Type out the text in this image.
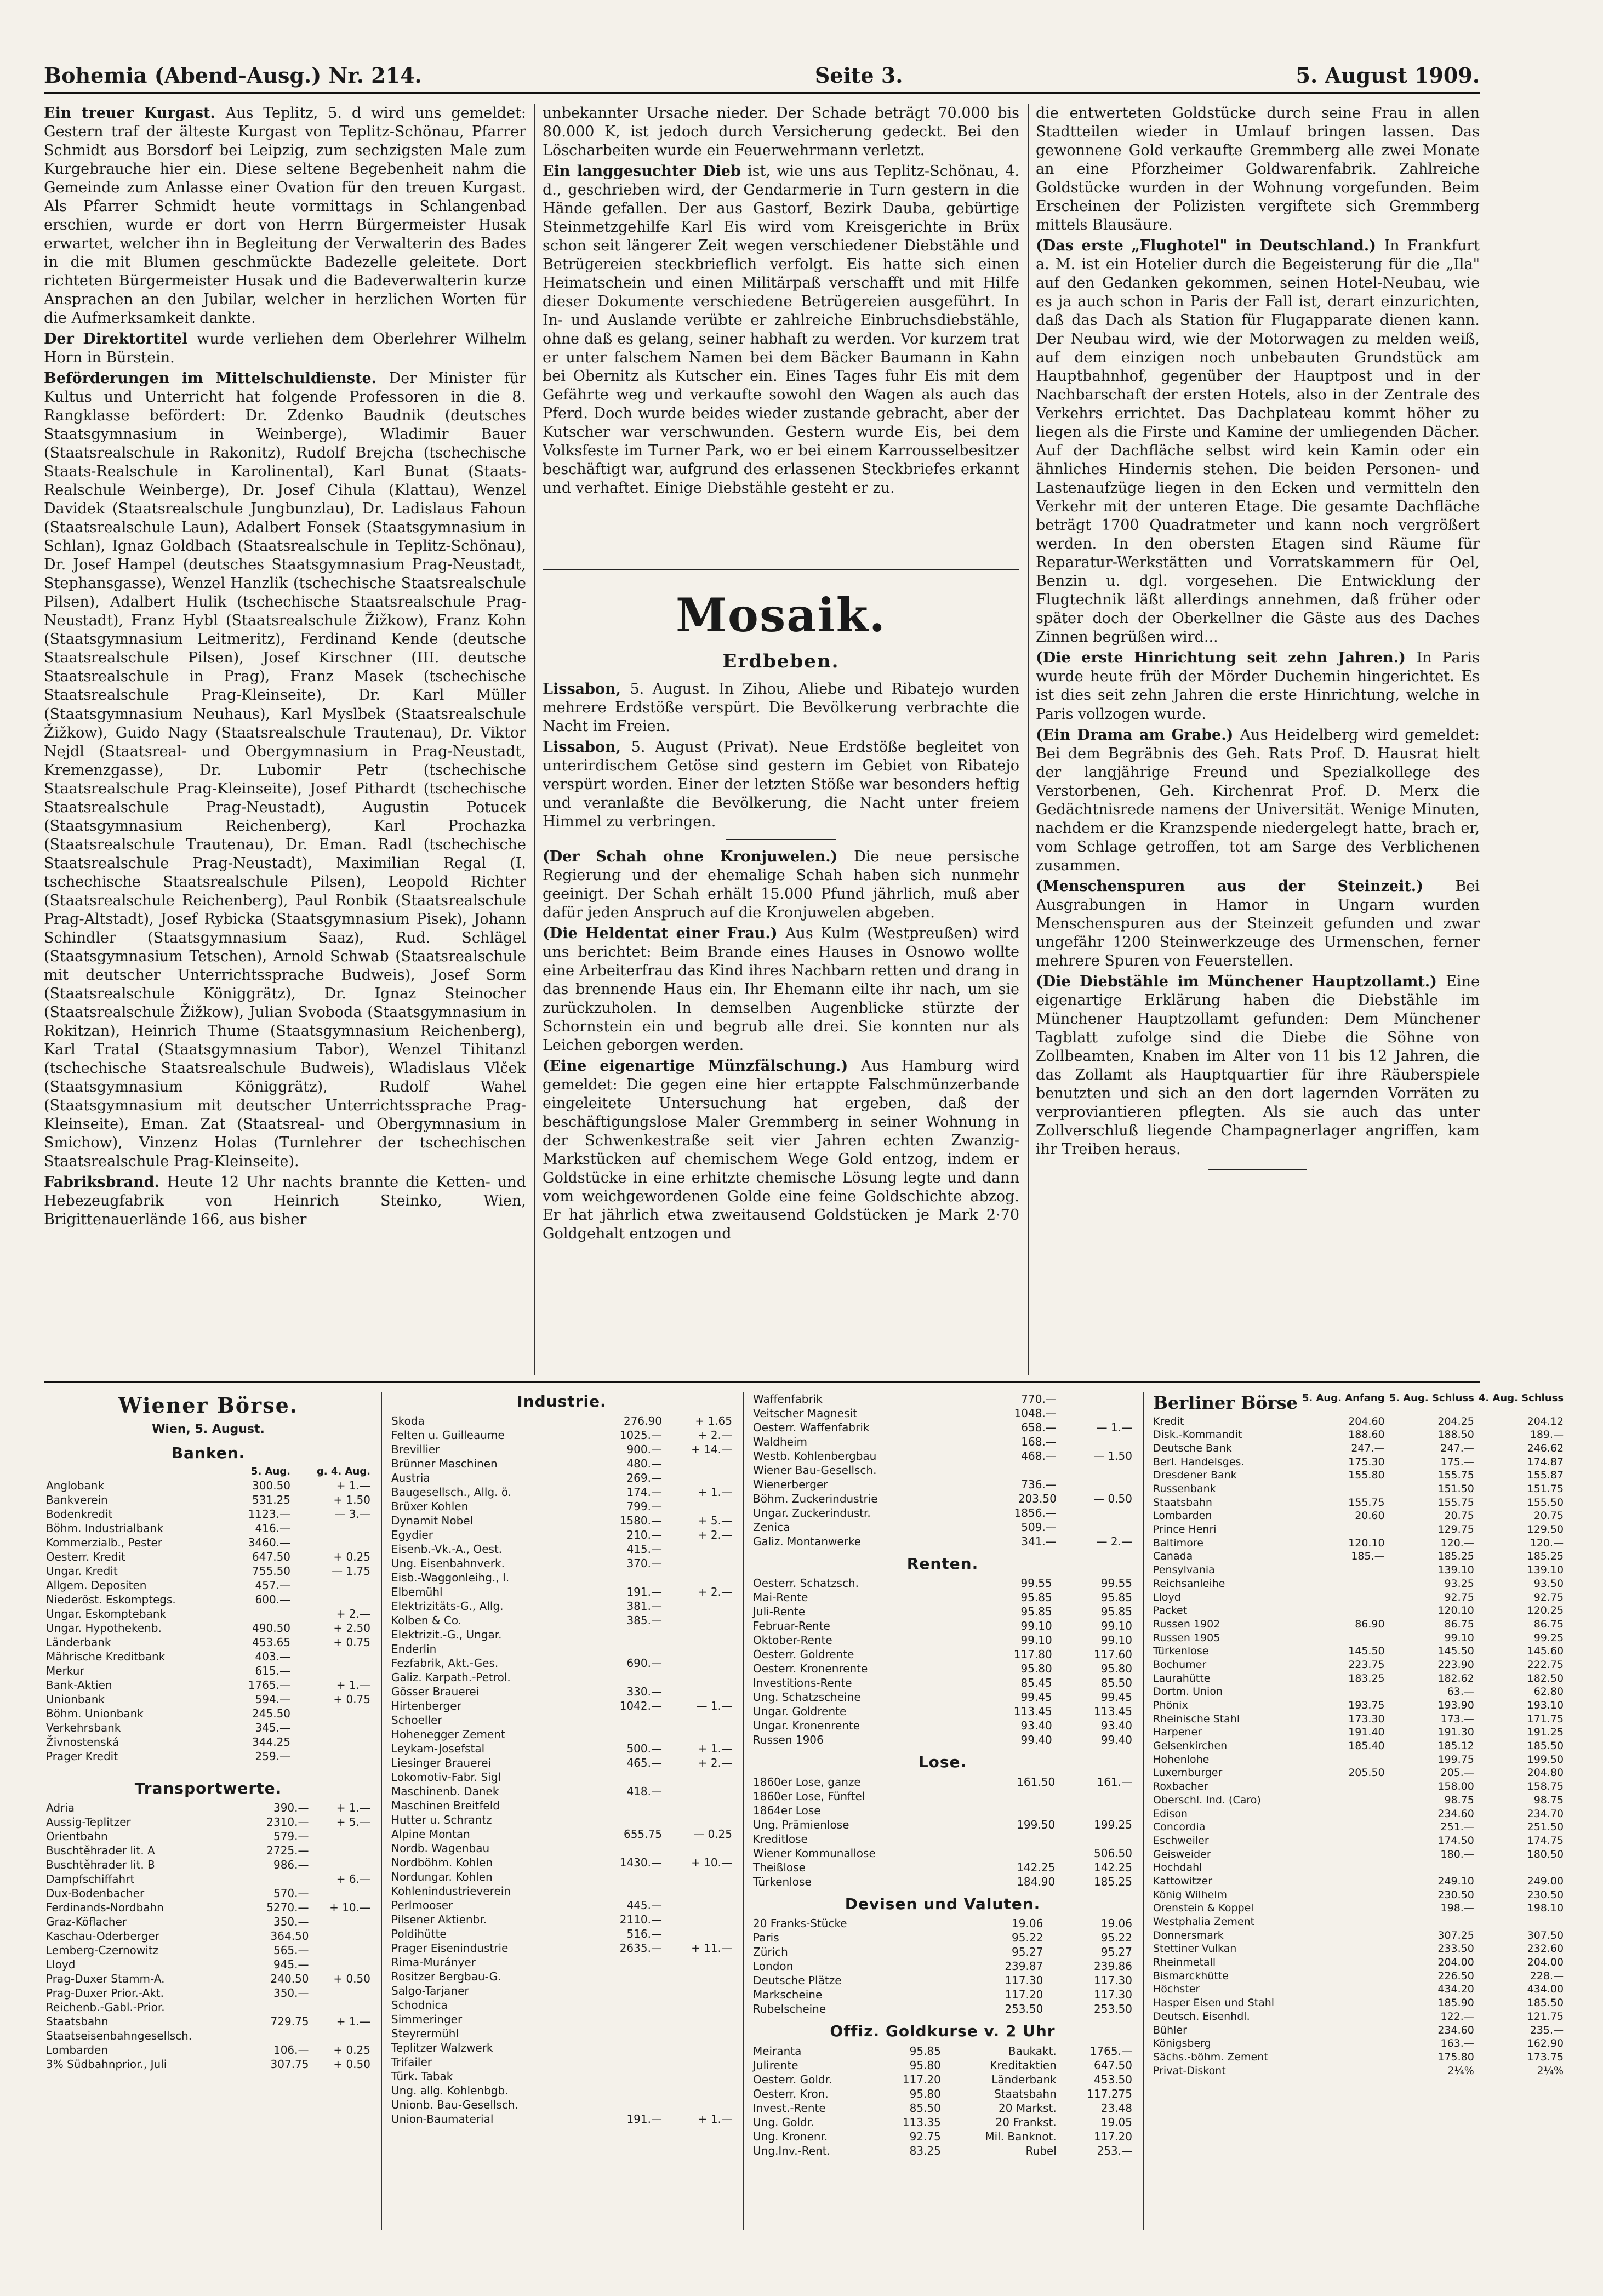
Bohemia (Abend-Ausg.) Nr. 214.	Seite 3.	5. August 1909.

Ein treuer Kurgast. Aus Teplitz, 5. d wird uns gemeldet: Gestern traf der älteste Kurgast von Teplitz-Schönau, Pfarrer Schmidt aus Borsdorf bei Leipzig, zum sechzigsten Male zum Kurgebrauche hier ein. Diese seltene Begebenheit nahm die Gemeinde zum Anlasse einer Ovation für den treuen Kurgast. Als Pfarrer Schmidt heute vormittags in Schlangenbad erschien, wurde er dort von Herrn Bürgermeister Husak erwartet, welcher ihn in Begleitung der Verwalterin des Bades in die mit Blumen geschmückte Badezelle geleitete. Dort richteten Bürgermeister Husak und die Badeverwalterin kurze Ansprachen an den Jubilar, welcher in herzlichen Worten für die Aufmerksamkeit dankte.

Der Direktortitel wurde verliehen dem Oberlehrer Wilhelm Horn in Bürstein.

Beförderungen im Mittelschuldienste. Der Minister für Kultus und Unterricht hat folgende Professoren in die 8. Rangklasse befördert: Dr. Zdenko Baudnik (deutsches Staatsgymnasium in Weinberge), Wladimir Bauer (Staatsrealschule in Rakonitz), Rudolf Brejcha (tschechische Staats-Realschule in Karolinental), Karl Bunat (Staats-Realschule Weinberge), Dr. Josef Cihula (Klattau), Wenzel Davidek (Staatsrealschule Jungbunzlau), Dr. Ladislaus Fahoun (Staatsrealschule Laun), Adalbert Fonsek (Staatsgymnasium in Schlan), Ignaz Goldbach (Staatsrealschule in Teplitz-Schönau), Dr. Josef Hampel (deutsches Staatsgymnasium Prag-Neustadt, Stephansgasse), Wenzel Hanzlik (tschechische Staatsrealschule Pilsen), Adalbert Hulik (tschechische Staatsrealschule Prag-Neustadt), Franz Hybl (Staatsrealschule Žižkow), Franz Kohn (Staatsgymnasium Leitmeritz), Ferdinand Kende (deutsche Staatsrealschule Pilsen), Josef Kirschner (III. deutsche Staatsrealschule in Prag), Franz Masek (tschechische Staatsrealschule Prag-Kleinseite), Dr. Karl Müller (Staatsgymnasium Neuhaus), Karl Myslbek (Staatsrealschule Žižkow), Guido Nagy (Staatsrealschule Trautenau), Dr. Viktor Nejdl (Staatsreal- und Obergymnasium in Prag-Neustadt, Kremenzgasse), Dr. Lubomir Petr (tschechische Staatsrealschule Prag-Kleinseite), Josef Pithardt (tschechische Staatsrealschule Prag-Neustadt), Augustin Potucek (Staatsgymnasium Reichenberg), Karl Prochazka (Staatsrealschule Trautenau), Dr. Eman. Radl (tschechische Staatsrealschule Prag-Neustadt), Maximilian Regal (I. tschechische Staatsrealschule Pilsen), Leopold Richter (Staatsrealschule Reichenberg), Paul Ronbik (Staatsrealschule Prag-Altstadt), Josef Rybicka (Staatsgymnasium Pisek), Johann Schindler (Staatsgymnasium Saaz), Rud. Schlägel (Staatsgymnasium Tetschen), Arnold Schwab (Staatsrealschule mit deutscher Unterrichtssprache Budweis), Josef Sorm (Staatsrealschule Königgrätz), Dr. Ignaz Steinocher (Staatsrealschule Žižkow), Julian Svoboda (Staatsgymnasium in Rokitzan), Heinrich Thume (Staatsgymnasium Reichenberg), Karl Tratal (Staatsgymnasium Tabor), Wenzel Tihitanzl (tschechische Staatsrealschule Budweis), Wladislaus Vlček (Staatsgymnasium Königgrätz), Rudolf Wahel (Staatsgymnasium mit deutscher Unterrichtssprache Prag-Kleinseite), Eman. Zat (Staatsreal- und Obergymnasium in Smichow), Vinzenz Holas (Turnlehrer der tschechischen Staatsrealschule Prag-Kleinseite).

Fabriksbrand. Heute 12 Uhr nachts brannte die Ketten- und Hebezeugfabrik von Heinrich Steinko, Wien, Brigittenauerlände 166, aus bisher

unbekannter Ursache nieder. Der Schade beträgt 70.000 bis 80.000 K, ist jedoch durch Versicherung gedeckt. Bei den Löscharbeiten wurde ein Feuerwehrmann verletzt.

Ein langgesuchter Dieb ist, wie uns aus Teplitz-Schönau, 4. d., geschrieben wird, der Gendarmerie in Turn gestern in die Hände gefallen. Der aus Gastorf, Bezirk Dauba, gebürtige Steinmetzgehilfe Karl Eis wird vom Kreisgerichte in Brüx schon seit längerer Zeit wegen verschiedener Diebstähle und Betrügereien steckbrieflich verfolgt. Eis hatte sich einen Heimatschein und einen Militärpaß verschafft und mit Hilfe dieser Dokumente verschiedene Betrügereien ausgeführt. In In- und Auslande verübte er zahlreiche Einbruchsdiebstähle, ohne daß es gelang, seiner habhaft zu werden. Vor kurzem trat er unter falschem Namen bei dem Bäcker Baumann in Kahn bei Obernitz als Kutscher ein. Eines Tages fuhr Eis mit dem Gefährte weg und verkaufte sowohl den Wagen als auch das Pferd. Doch wurde beides wieder zustande gebracht, aber der Kutscher war verschwunden. Gestern wurde Eis, bei dem Volksfeste im Turner Park, wo er bei einem Karrousselbesitzer beschäftigt war, aufgrund des erlassenen Steckbriefes erkannt und verhaftet. Einige Diebstähle gesteht er zu.

Mosaik.
Erdbeben.

Lissabon, 5. August. In Zihou, Aliebe und Ribatejo wurden mehrere Erdstöße verspürt. Die Bevölkerung verbrachte die Nacht im Freien.

Lissabon, 5. August (Privat). Neue Erdstöße begleitet von unterirdischem Getöse sind gestern im Gebiet von Ribatejo verspürt worden. Einer der letzten Stöße war besonders heftig und veranlaßte die Bevölkerung, die Nacht unter freiem Himmel zu verbringen.

(Der Schah ohne Kronjuwelen.) Die neue persische Regierung und der ehemalige Schah haben sich nunmehr geeinigt. Der Schah erhält 15.000 Pfund jährlich, muß aber dafür jeden Anspruch auf die Kronjuwelen abgeben.

(Die Heldentat einer Frau.) Aus Kulm (Westpreußen) wird uns berichtet: Beim Brande eines Hauses in Osnowo wollte eine Arbeiterfrau das Kind ihres Nachbarn retten und drang in das brennende Haus ein. Ihr Ehemann eilte ihr nach, um sie zurückzuholen. In demselben Augenblicke stürzte der Schornstein ein und begrub alle drei. Sie konnten nur als Leichen geborgen werden.

(Eine eigenartige Münzfälschung.) Aus Hamburg wird gemeldet: Die gegen eine hier ertappte Falschmünzerbande eingeleitete Untersuchung hat ergeben, daß der beschäftigungslose Maler Gremmberg in seiner Wohnung in der Schwenkestraße seit vier Jahren echten Zwanzig-Markstücken auf chemischem Wege Gold entzog, indem er Goldstücke in eine erhitzte chemische Lösung legte und dann vom weichgewordenen Golde eine feine Goldschichte abzog. Er hat jährlich etwa zweitausend Goldstücken je Mark 2·70 Goldgehalt entzogen und

die entwerteten Goldstücke durch seine Frau in allen Stadtteilen wieder in Umlauf bringen lassen. Das gewonnene Gold verkaufte Gremmberg alle zwei Monate an eine Pforzheimer Goldwarenfabrik. Zahlreiche Goldstücke wurden in der Wohnung vorgefunden. Beim Erscheinen der Polizisten vergiftete sich Gremmberg mittels Blausäure.

(Das erste „Flughotel" in Deutschland.) In Frankfurt a. M. ist ein Hotelier durch die Begeisterung für die „Ila" auf den Gedanken gekommen, seinen Hotel-Neubau, wie es ja auch schon in Paris der Fall ist, derart einzurichten, daß das Dach als Station für Flugapparate dienen kann. Der Neubau wird, wie der Motorwagen zu melden weiß, auf dem einzigen noch unbebauten Grundstück am Hauptbahnhof, gegenüber der Hauptpost und in der Nachbarschaft der ersten Hotels, also in der Zentrale des Verkehrs errichtet. Das Dachplateau kommt höher zu liegen als die Firste und Kamine der umliegenden Dächer. Auf der Dachfläche selbst wird kein Kamin oder ein ähnliches Hindernis stehen. Die beiden Personen- und Lastenaufzüge liegen in den Ecken und vermitteln den Verkehr mit der unteren Etage. Die gesamte Dachfläche beträgt 1700 Quadratmeter und kann noch vergrößert werden. In den obersten Etagen sind Räume für Reparatur-Werkstätten und Vorratskammern für Oel, Benzin u. dgl. vorgesehen. Die Entwicklung der Flugtechnik läßt allerdings annehmen, daß früher oder später doch der Oberkellner die Gäste aus des Daches Zinnen begrüßen wird...

(Die erste Hinrichtung seit zehn Jahren.) In Paris wurde heute früh der Mörder Duchemin hingerichtet. Es ist dies seit zehn Jahren die erste Hinrichtung, welche in Paris vollzogen wurde.

(Ein Drama am Grabe.) Aus Heidelberg wird gemeldet: Bei dem Begräbnis des Geh. Rats Prof. D. Hausrat hielt der langjährige Freund und Spezialkollege des Verstorbenen, Geh. Kirchenrat Prof. D. Merx die Gedächtnisrede namens der Universität. Wenige Minuten, nachdem er die Kranzspende niedergelegt hatte, brach er, vom Schlage getroffen, tot am Sarge des Verblichenen zusammen.

(Menschenspuren aus der Steinzeit.) Bei Ausgrabungen in Hamor in Ungarn wurden Menschenspuren aus der Steinzeit gefunden und zwar ungefähr 1200 Steinwerkzeuge des Urmenschen, ferner mehrere Spuren von Feuerstellen.

(Die Diebstähle im Münchener Hauptzollamt.) Eine eigenartige Erklärung haben die Diebstähle im Münchener Hauptzollamt gefunden: Dem Münchener Tagblatt zufolge sind die Diebe die Söhne von Zollbeamten, Knaben im Alter von 11 bis 12 Jahren, die das Zollamt als Hauptquartier für ihre Räuberspiele benutzten und sich an den dort lagernden Vorräten zu verproviantieren pflegten. Als sie auch das unter Zollverschluß liegende Champagnerlager angriffen, kam ihr Treiben heraus.

Wiener Börse.
Wien, 5. August.
Banken.
	5. Aug.	g. 4. Aug.
Anglobank	300.50	+ 1.—
Bankverein	531.25	+ 1.50
Bodenkredit	1123.—	— 3.—
Böhm. Industrialbank	416.—	
Kommerzialb., Pester	3460.—	
Oesterr. Kredit	647.50	+ 0.25
Ungar. Kredit	755.50	— 1.75
Allgem. Depositen	457.—	
Niederöst. Eskomptegs.	600.—	
Ungar. Eskomptebank		+ 2.—
Ungar. Hypothekenb.	490.50	+ 2.50
Länderbank	453.65	+ 0.75
Mährische Kreditbank	403.—	
Merkur	615.—	
Bank-Aktien	1765.—	+ 1.—
Unionbank	594.—	+ 0.75
Böhm. Unionbank	245.50	
Verkehrsbank	345.—	
Živnostenská	344.25	
Prager Kredit	259.—	
Transportwerte.
Adria	390.—	+ 1.—
Aussig-Teplitzer	2310.—	+ 5.—
Orientbahn	579.—	
Buschtěhrader lit. A	2725.—	
Buschtěhrader lit. B	986.—	
Dampfschiffahrt		+ 6.—
Dux-Bodenbacher	570.—	
Ferdinands-Nordbahn	5270.—	+ 10.—
Graz-Köflacher	350.—	
Kaschau-Oderberger	364.50	
Lemberg-Czernowitz	565.—	
Lloyd	945.—	
Prag-Duxer Stamm-A.	240.50	+ 0.50
Prag-Duxer Prior.-Akt.	350.—	
Reichenb.-Gabl.-Prior.		
Staatsbahn	729.75	+ 1.—
Staatseisenbahngesellsch.		
Lombarden	106.—	+ 0.25
3% Südbahnprior., Juli	307.75	+ 0.50
Industrie.
Skoda	276.90	+ 1.65
Felten u. Guilleaume	1025.—	+ 2.—
Brevillier	900.—	+ 14.—
Brünner Maschinen	480.—	
Austria	269.—	
Baugesellsch., Allg. ö.	174.—	+ 1.—
Brüxer Kohlen	799.—	
Dynamit Nobel	1580.—	+ 5.—
Egydier	210.—	+ 2.—
Eisenb.-Vk.-A., Oest.	415.—	
Ung. Eisenbahnverk.	370.—	
Eisb.-Waggonleihg., I.		
Elbemühl	191.—	+ 2.—
Elektrizitäts-G., Allg.	381.—	
Kolben & Co.	385.—	
Elektrizit.-G., Ungar.		
Enderlin		
Fezfabrik, Akt.-Ges.	690.—	
Galiz. Karpath.-Petrol.		
Gösser Brauerei	330.—	
Hirtenberger	1042.—	— 1.—
Schoeller		
Hohenegger Zement		
Leykam-Josefstal	500.—	+ 1.—
Liesinger Brauerei	465.—	+ 2.—
Lokomotiv-Fabr. Sigl		
Maschinenb. Danek	418.—	
Maschinen Breitfeld		
Hutter u. Schrantz		
Alpine Montan	655.75	— 0.25
Nordb. Wagenbau		
Nordböhm. Kohlen	1430.—	+ 10.—
Nordungar. Kohlen		
Kohlenindustrieverein		
Perlmooser	445.—	
Pilsener Aktienbr.	2110.—	
Poldihütte	516.—	
Prager Eisenindustrie	2635.—	+ 11.—
Rima-Murányer		
Rositzer Bergbau-G.		
Salgo-Tarjaner		
Schodnica		
Simmeringer		
Steyrermühl		
Teplitzer Walzwerk		
Trifailer		
Türk. Tabak		
Ung. allg. Kohlenbgb.		
Unionb. Bau-Gesellsch.		
Union-Baumaterial	191.—	+ 1.—
Waffenfabrik	770.—	
Veitscher Magnesit	1048.—	
Oesterr. Waffenfabrik	658.—	— 1.—
Waldheim	168.—	
Westb. Kohlenbergbau	468.—	— 1.50
Wiener Bau-Gesellsch.		
Wienerberger	736.—	
Böhm. Zuckerindustrie	203.50	— 0.50
Ungar. Zuckerindustr.	1856.—	
Zenica	509.—	
Galiz. Montanwerke	341.—	— 2.—
Renten.
Oesterr. Schatzsch.	99.55	99.55
Mai-Rente	95.85	95.85
Juli-Rente	95.85	95.85
Februar-Rente	99.10	99.10
Oktober-Rente	99.10	99.10
Oesterr. Goldrente	117.80	117.60
Oesterr. Kronenrente	95.80	95.80
Investitions-Rente	85.45	85.50
Ung. Schatzscheine	99.45	99.45
Ungar. Goldrente	113.45	113.45
Ungar. Kronenrente	93.40	93.40
Russen 1906	99.40	99.40
Lose.
1860er Lose, ganze	161.50	161.—
1860er Lose, Fünftel		
1864er Lose		
Ung. Prämienlose	199.50	199.25
Kreditlose		
Wiener Kommunallose		506.50
Theißlose	142.25	142.25
Türkenlose	184.90	185.25
Devisen und Valuten.
20 Franks-Stücke	19.06	19.06
Paris	95.22	95.22
Zürich	95.27	95.27
London	239.87	239.86
Deutsche Plätze	117.30	117.30
Markscheine	117.20	117.30
Rubelscheine	253.50	253.50
Offiz. Goldkurse v. 2 Uhr
Meiranta	95.85	Baukakt.	1765.—
Julirente	95.80	Kreditaktien	647.50
Oesterr. Goldr.	117.20	Länderbank	453.50
Oesterr. Kron.	95.80	Staatsbahn	117.275
Invest.-Rente	85.50	20 Markst.	23.48
Ung. Goldr.	113.35	20 Frankst.	19.05
Ung. Kronenr.	92.75	Mil. Banknot.	117.20
Ung.Inv.-Rent.	83.25	Rubel	253.—
Berliner Börse	5. Aug. Anfang	5. Aug. Schluss	4. Aug. Schluss
Kredit	204.60	204.25	204.12
Disk.-Kommandit	188.60	188.50	189.—
Deutsche Bank	247.—	247.—	246.62
Berl. Handelsges.	175.30	175.—	174.87
Dresdener Bank	155.80	155.75	155.87
Russenbank		151.50	151.75
Staatsbahn	155.75	155.75	155.50
Lombarden	20.60	20.75	20.75
Prince Henri		129.75	129.50
Baltimore	120.10	120.—	120.—
Canada	185.—	185.25	185.25
Pensylvania		139.10	139.10
Reichsanleihe		93.25	93.50
Lloyd		92.75	92.75
Packet		120.10	120.25
Russen 1902	86.90	86.75	86.75
Russen 1905		99.10	99.25
Türkenlose	145.50	145.50	145.60
Bochumer	223.75	223.90	222.75
Laurahütte	183.25	182.62	182.50
Dortm. Union		63.—	62.80
Phönix	193.75	193.90	193.10
Rheinische Stahl	173.30	173.—	171.75
Harpener	191.40	191.30	191.25
Gelsenkirchen	185.40	185.12	185.50
Hohenlohe		199.75	199.50
Luxemburger	205.50	205.—	204.80

Roxbacher		158.00	158.75
Oberschl. Ind. (Caro)		98.75	98.75
Edison		234.60	234.70
Concordia		251.—	251.50
Eschweiler		174.50	174.75
Geisweider		180.—	180.50
Hochdahl			
Kattowitzer		249.10	249.00
König Wilhelm		230.50	230.50
Orenstein & Koppel		198.—	198.10
Westphalia Zement			
Donnersmark		307.25	307.50
Stettiner Vulkan		233.50	232.60
Rheinmetall		204.00	204.00
Bismarckhütte		226.50	228.—
Höchster		434.20	434.00
Hasper Eisen und Stahl		185.90	185.50
Deutsch. Eisenhdl.		122.—	121.75
Bühler		234.60	235.—
Königsberg		163.—	162.90
Sächs.-böhm. Zement		175.80	173.75
Privat-Diskont		2¼%	2¼%
